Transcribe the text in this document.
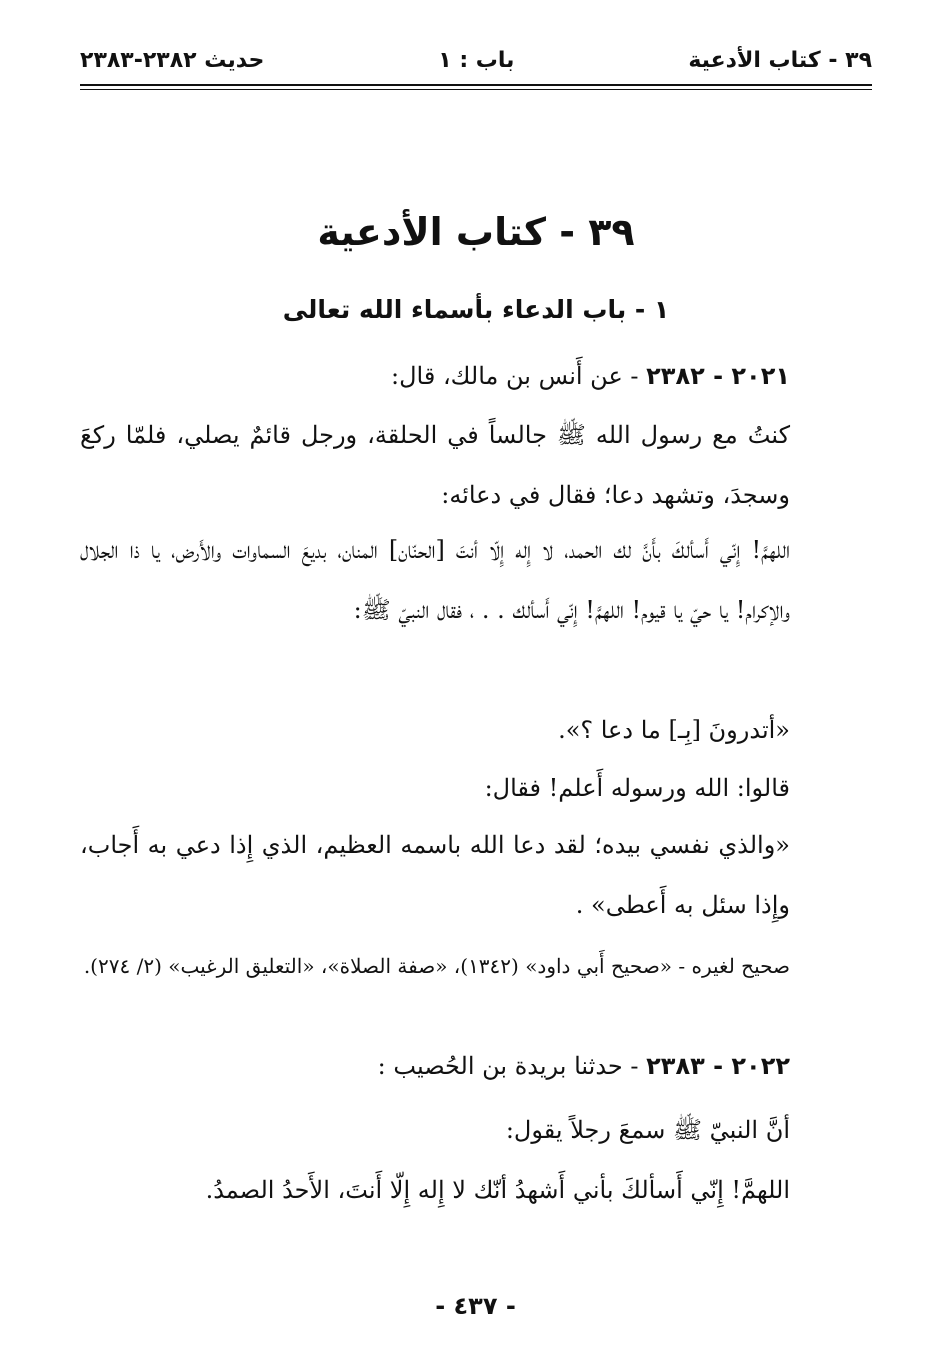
٣٩ - كتاب الأدعية
باب : ١
حديث ٢٣٨٢-٢٣٨٣
٣٩ - كتاب الأدعية
١ - باب الدعاء بأسماء الله تعالى
٢٠٢١ - ٢٣٨٢ - عن أَنس بن مالك، قال:
كنتُ مع رسول الله ﷺ جالساً في الحلقة، ورجل قائمٌ يصلي، فلمّا ركعَ وسجدَ، وتشهد دعا؛ فقال في دعائه:
اللهمَّ! إِنّي أَسألكَ بأَنَّ لك الحمد، لا إِله إِلّا أنتَ [الحنّان] المنان، بديعَ السماوات والأَرض، يا ذا الجلال والإكرام! يا حيّ يا قيوم! اللهمَّ! إِنّي أَسألك . . ، فقال النبيّ ﷺ:
«أتدرونَ [بِـ] ما دعا ؟».
قالوا: الله ورسوله أَعلم! فقال:
«والذي نفسي بيده؛ لقد دعا الله باسمه العظيم، الذي إِذا دعي به أَجاب، وإِذا سئل به أَعطى» .
صحيح لغيره - «صحيح أَبي داود» (١٣٤٢)، «صفة الصلاة»، «التعليق الرغيب» (٢/ ٢٧٤).
٢٠٢٢ - ٢٣٨٣ - حدثنا بريدة بن الحُصيب :
أنَّ النبيّ ﷺ سمعَ رجلاً يقول:
اللهمَّ! إِنّي أَسألكَ بأني أَشهدُ أنّك لا إِله إِلّا أَنتَ، الأَحدُ الصمدُ.
- ٤٣٧ -
